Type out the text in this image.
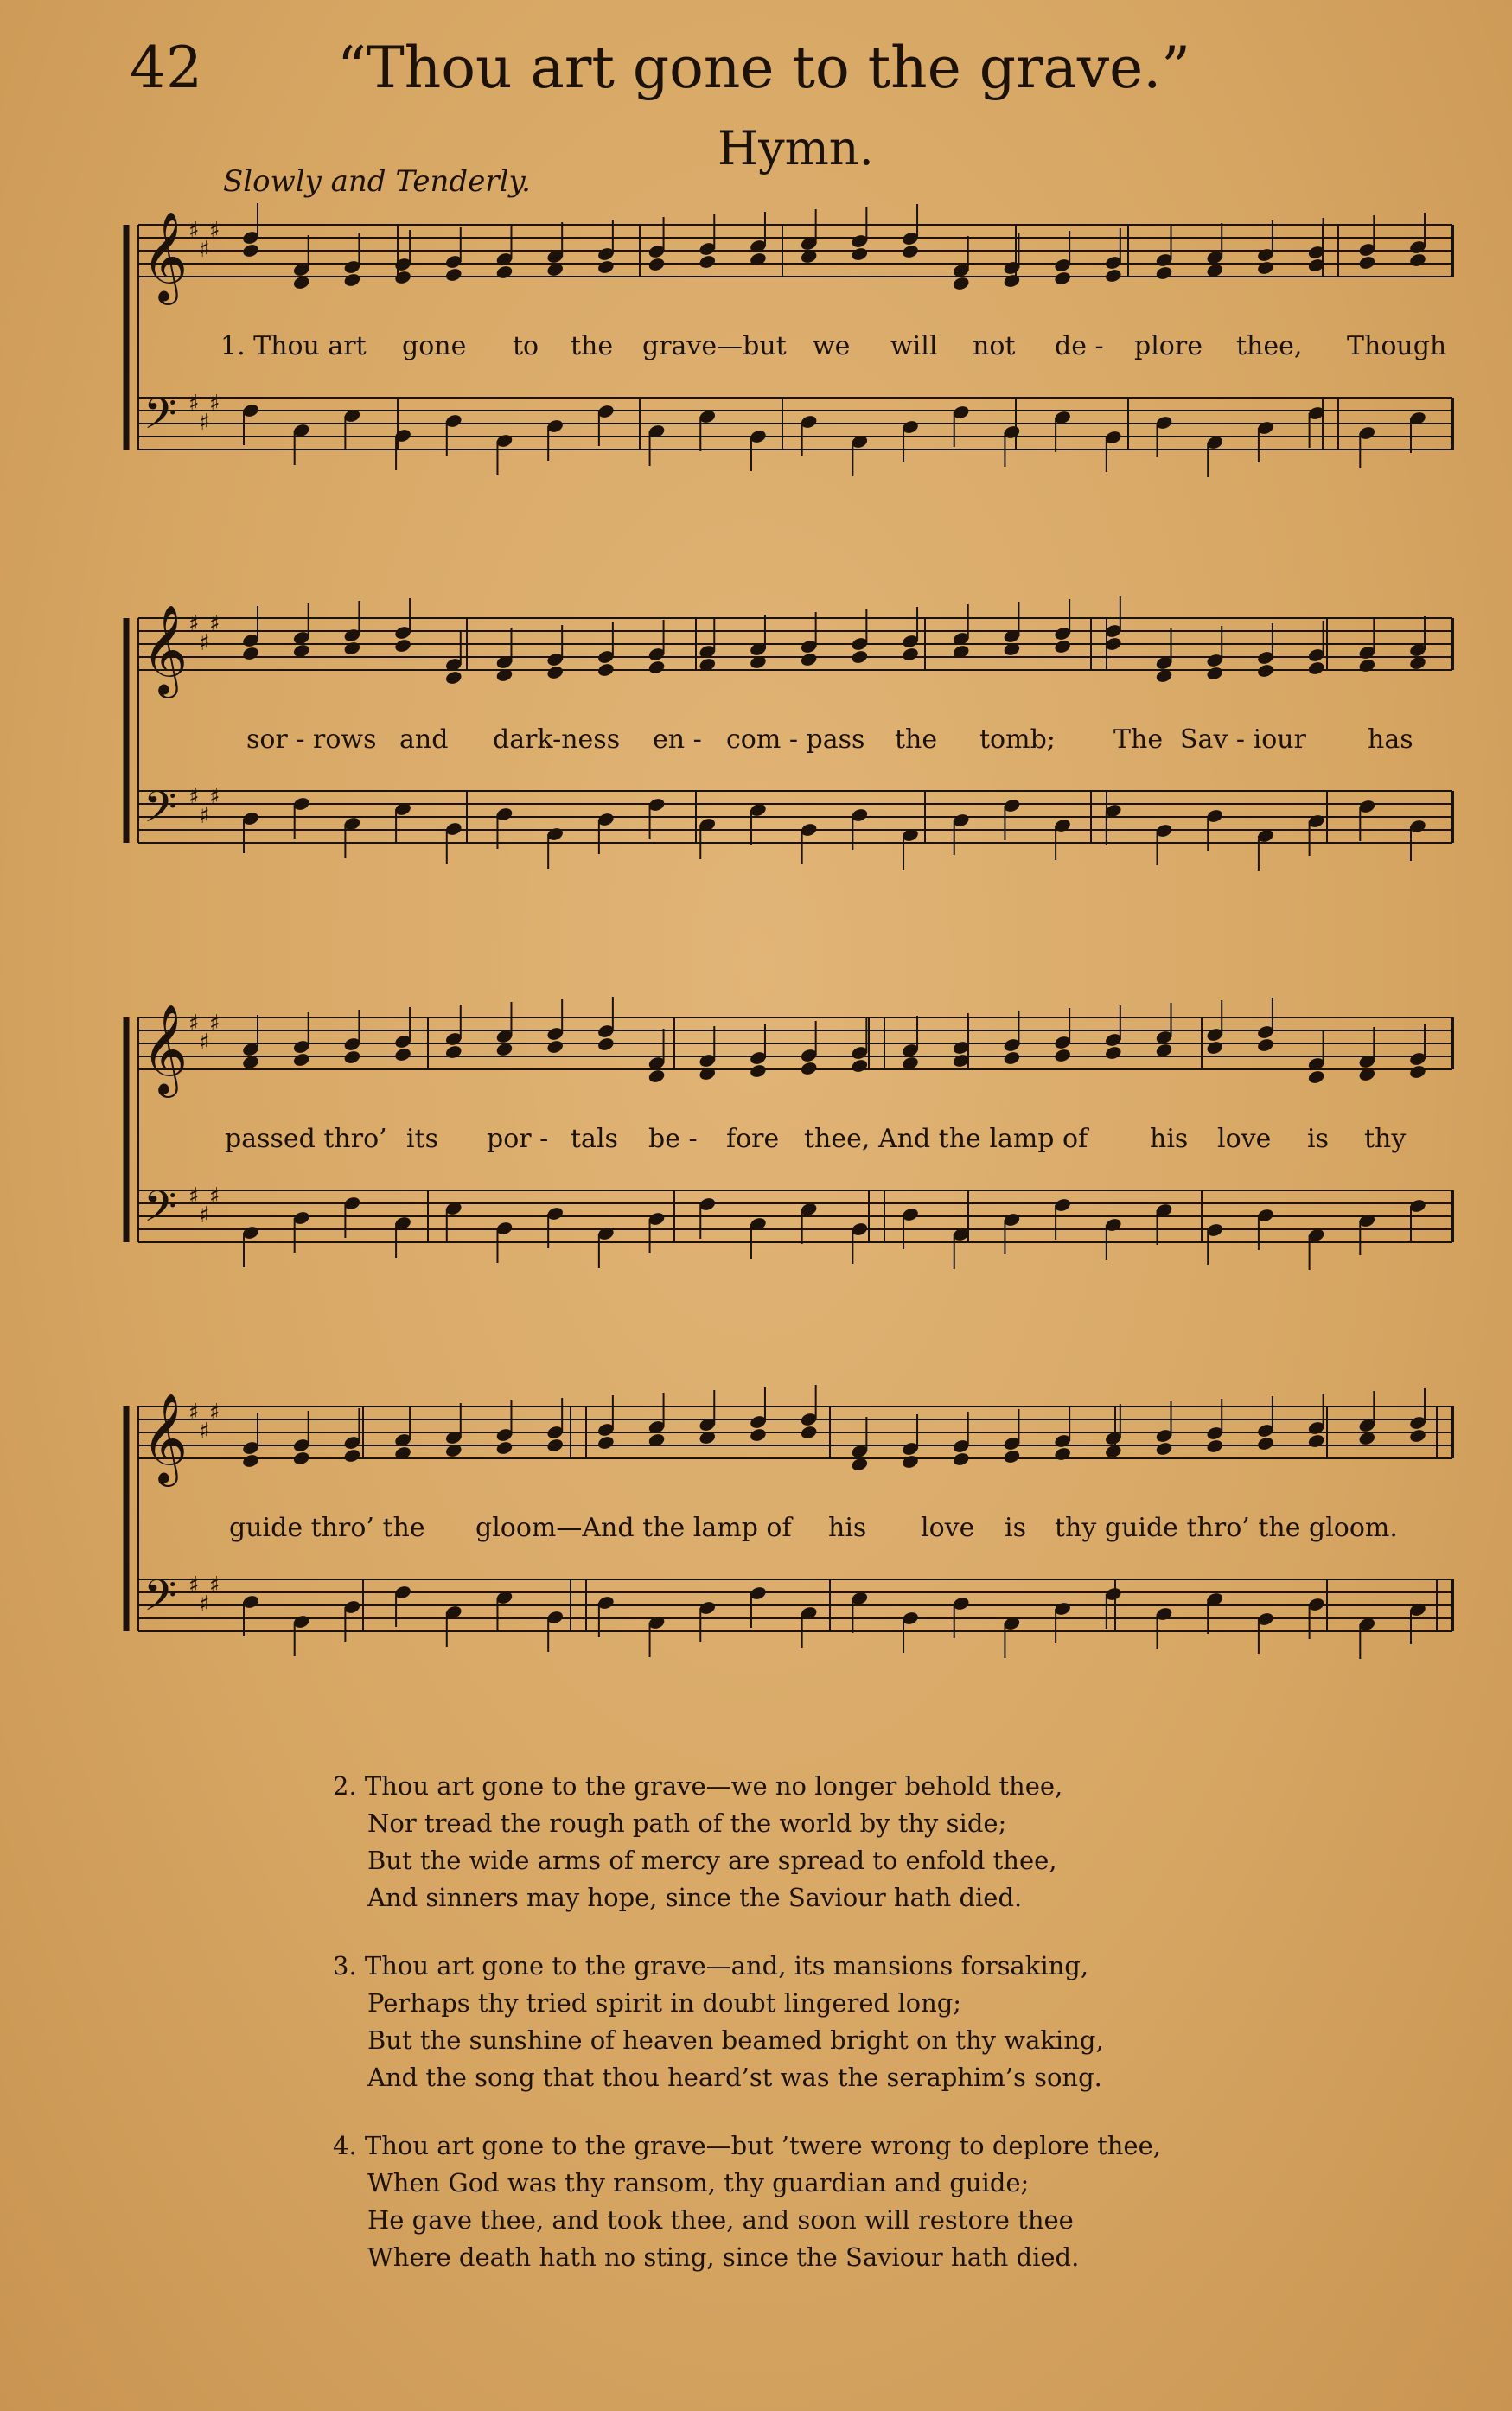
42 “Thou art gone to the grave.”
Hymn.
Slowly and Tenderly.
𝄞
𝄢
♯
♯
♯
♯
♯
♯
1. Thou art gone to the grave—but we will not de - plore thee, Though
𝄞
𝄢
♯
♯
♯
♯
♯
♯
sor - rows and dark-ness en - com - pass the tomb; The Sav - iour has
𝄞
𝄢
♯
♯
♯
♯
♯
♯
passed thro’ its por - tals be - fore thee, And the lamp of his love is thy
𝄞
𝄢
♯
♯
♯
♯
♯
♯
guide thro’ the gloom—And the lamp of his love is thy guide thro’ the gloom.
2. Thou art gone to the grave—we no longer behold thee,
Nor tread the rough path of the world by thy side;
But the wide arms of mercy are spread to enfold thee,
And sinners may hope, since the Saviour hath died.
3. Thou art gone to the grave—and, its mansions forsaking,
Perhaps thy tried spirit in doubt lingered long;
But the sunshine of heaven beamed bright on thy waking,
And the song that thou heard’st was the seraphim’s song.
4. Thou art gone to the grave—but ’twere wrong to deplore thee,
When God was thy ransom, thy guardian and guide;
He gave thee, and took thee, and soon will restore thee
Where death hath no sting, since the Saviour hath died.
